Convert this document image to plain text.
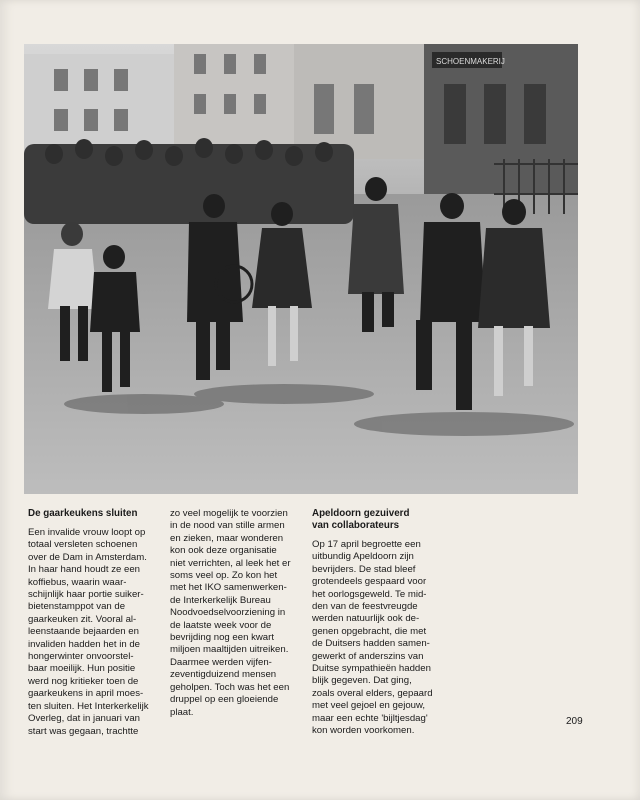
SCHOENMAKERIJ
De gaarkeukens sluiten

Een invalide vrouw loopt op
totaal versleten schoenen
over de Dam in Amsterdam.
In haar hand houdt ze een
koffiebus, waarin waar-
schijnlijk haar portie suiker-
bietenstamppot van de
gaarkeuken zit. Vooral al-
leenstaande bejaarden en
invaliden hadden het in de
hongerwinter onvoorstel-
baar moeilijk. Hun positie
werd nog kritieker toen de
gaarkeukens in april moes-
ten sluiten. Het Interkerkelijk
Overleg, dat in januari van
start was gegaan, trachtte

zo veel mogelijk te voorzien
in de nood van stille armen
en zieken, maar wonderen
kon ook deze organisatie
niet verrichten, al leek het er
soms veel op. Zo kon het
met het IKO samenwerken-
de Interkerkelijk Bureau
Noodvoedselvoorziening in
de laatste week voor de
bevrijding nog een kwart
miljoen maaltijden uitreiken.
Daarmee werden vijfen-
zeventigduizend mensen
geholpen. Toch was het een
druppel op een gloeiende
plaat.

Apeldoorn gezuiverd
van collaborateurs

Op 17 april begroette een
uitbundig Apeldoorn zijn
bevrijders. De stad bleef
grotendeels gespaard voor
het oorlogsgeweld. Te mid-
den van de feestvreugde
werden natuurlijk ook de-
genen opgebracht, die met
de Duitsers hadden samen-
gewerkt of anderszins van
Duitse sympathieën hadden
blijk gegeven. Dat ging,
zoals overal elders, gepaard
met veel gejoel en gejouw,
maar een echte 'bijltjesdag'
kon worden voorkomen.

209
